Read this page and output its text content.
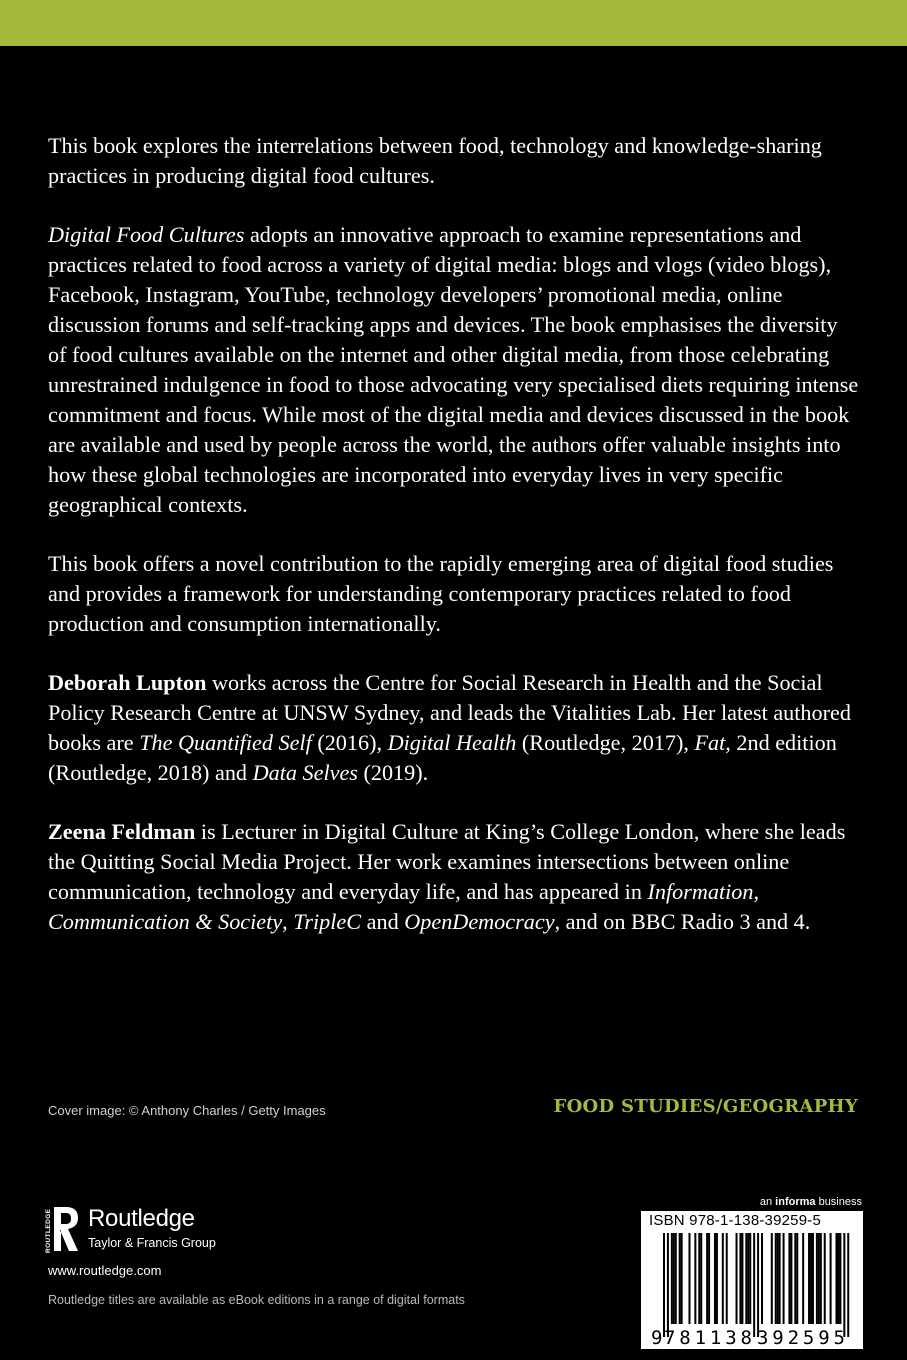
This book explores the interrelations between food, technology and knowledge-sharing practices in producing digital food cultures.

Digital Food Cultures adopts an innovative approach to examine representations and practices related to food across a variety of digital media: blogs and vlogs (video blogs), Facebook, Instagram, YouTube, technology developers’ promotional media, online discussion forums and self-tracking apps and devices. The book emphasises the diversity of food cultures available on the internet and other digital media, from those celebrating unrestrained indulgence in food to those advocating very specialised diets requiring intense commitment and focus. While most of the digital media and devices discussed in the book are available and used by people across the world, the authors offer valuable insights into how these global technologies are incorporated into everyday lives in very specific geographical contexts.

This book offers a novel contribution to the rapidly emerging area of digital food studies and provides a framework for understanding contemporary practices related to food production and consumption internationally.

Deborah Lupton works across the Centre for Social Research in Health and the Social Policy Research Centre at UNSW Sydney, and leads the Vitalities Lab. Her latest authored books are The Quantified Self (2016), Digital Health (Routledge, 2017), Fat, 2nd edition (Routledge, 2018) and Data Selves (2019).

Zeena Feldman is Lecturer in Digital Culture at King’s College London, where she leads the Quitting Social Media Project. Her work examines intersections between online communication, technology and everyday life, and has appeared in Information, Communication & Society, TripleC and OpenDemocracy, and on BBC Radio 3 and 4.

Cover image: © Anthony Charles / Getty Images	FOOD STUDIES/GEOGRAPHY
ROUTLEDGE Routledge
Taylor & Francis Group
www.routledge.com
Routledge titles are available as eBook editions in a range of digital formats
an informa business
ISBN 978-1-138-39259-5
9 781138 392595
